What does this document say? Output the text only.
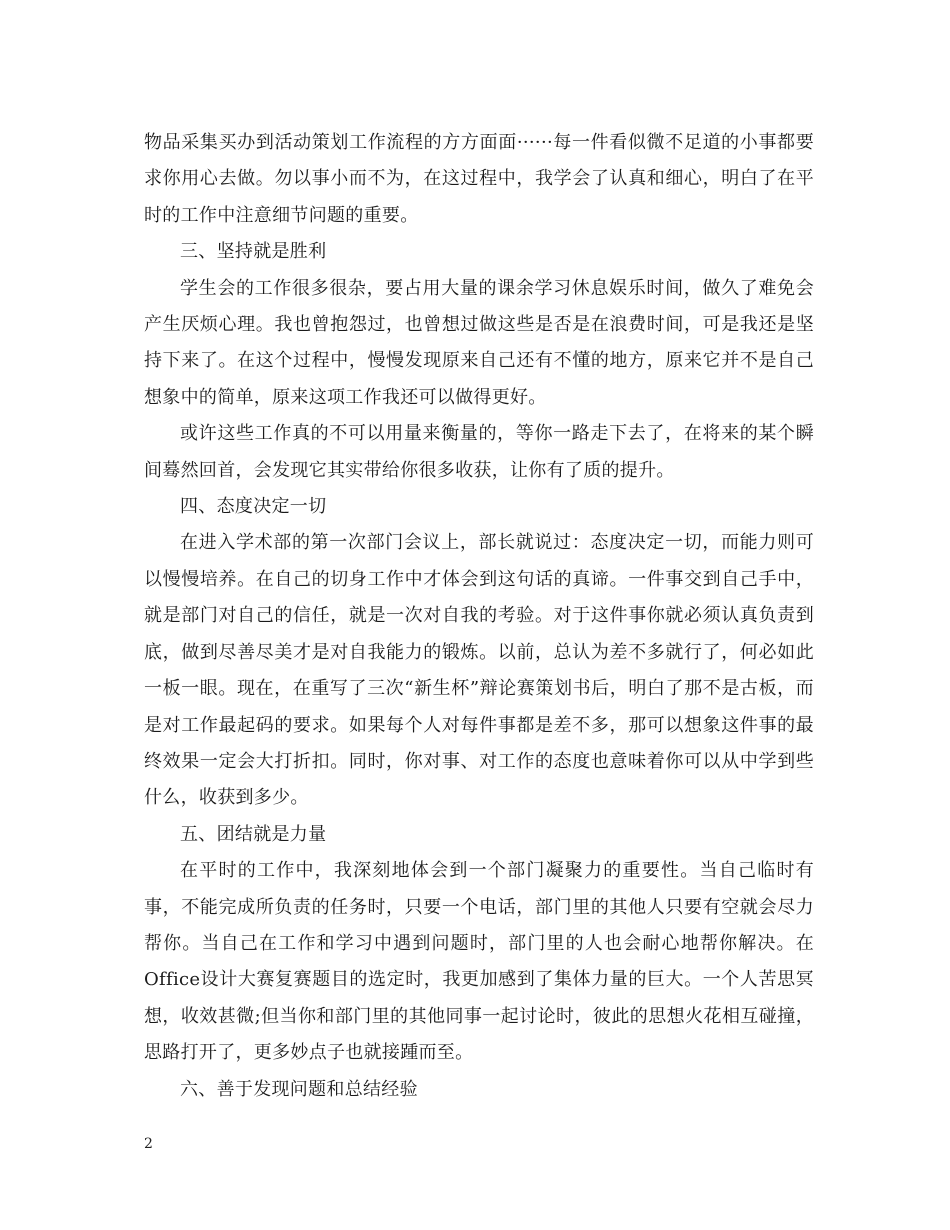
物品采集买办到活动策划工作流程的方方面面······每一件看似微不足道的小事都要求你用心去做。勿以事小而不为，在这过程中，我学会了认真和细心，明白了在平时的工作中注意细节问题的重要。

三、坚持就是胜利

学生会的工作很多很杂，要占用大量的课余学习休息娱乐时间，做久了难免会产生厌烦心理。我也曾抱怨过，也曾想过做这些是否是在浪费时间，可是我还是坚持下来了。在这个过程中，慢慢发现原来自己还有不懂的地方，原来它并不是自己想象中的简单，原来这项工作我还可以做得更好。

或许这些工作真的不可以用量来衡量的，等你一路走下去了，在将来的某个瞬间蓦然回首，会发现它其实带给你很多收获，让你有了质的提升。

四、态度决定一切

在进入学术部的第一次部门会议上，部长就说过：态度决定一切，而能力则可以慢慢培养。在自己的切身工作中才体会到这句话的真谛。一件事交到自己手中，就是部门对自己的信任，就是一次对自我的考验。对于这件事你就必须认真负责到底，做到尽善尽美才是对自我能力的锻炼。以前，总认为差不多就行了，何必如此一板一眼。现在，在重写了三次“新生杯”辩论赛策划书后，明白了那不是古板，而是对工作最起码的要求。如果每个人对每件事都是差不多，那可以想象这件事的最终效果一定会大打折扣。同时，你对事、对工作的态度也意味着你可以从中学到些什么，收获到多少。

五、团结就是力量

在平时的工作中，我深刻地体会到一个部门凝聚力的重要性。当自己临时有事，不能完成所负责的任务时，只要一个电话，部门里的其他人只要有空就会尽力帮你。当自己在工作和学习中遇到问题时，部门里的人也会耐心地帮你解决。在Office设计大赛复赛题目的选定时，我更加感到了集体力量的巨大。一个人苦思冥想，收效甚微;但当你和部门里的其他同事一起讨论时，彼此的思想火花相互碰撞，思路打开了，更多妙点子也就接踵而至。

六、善于发现问题和总结经验

2
